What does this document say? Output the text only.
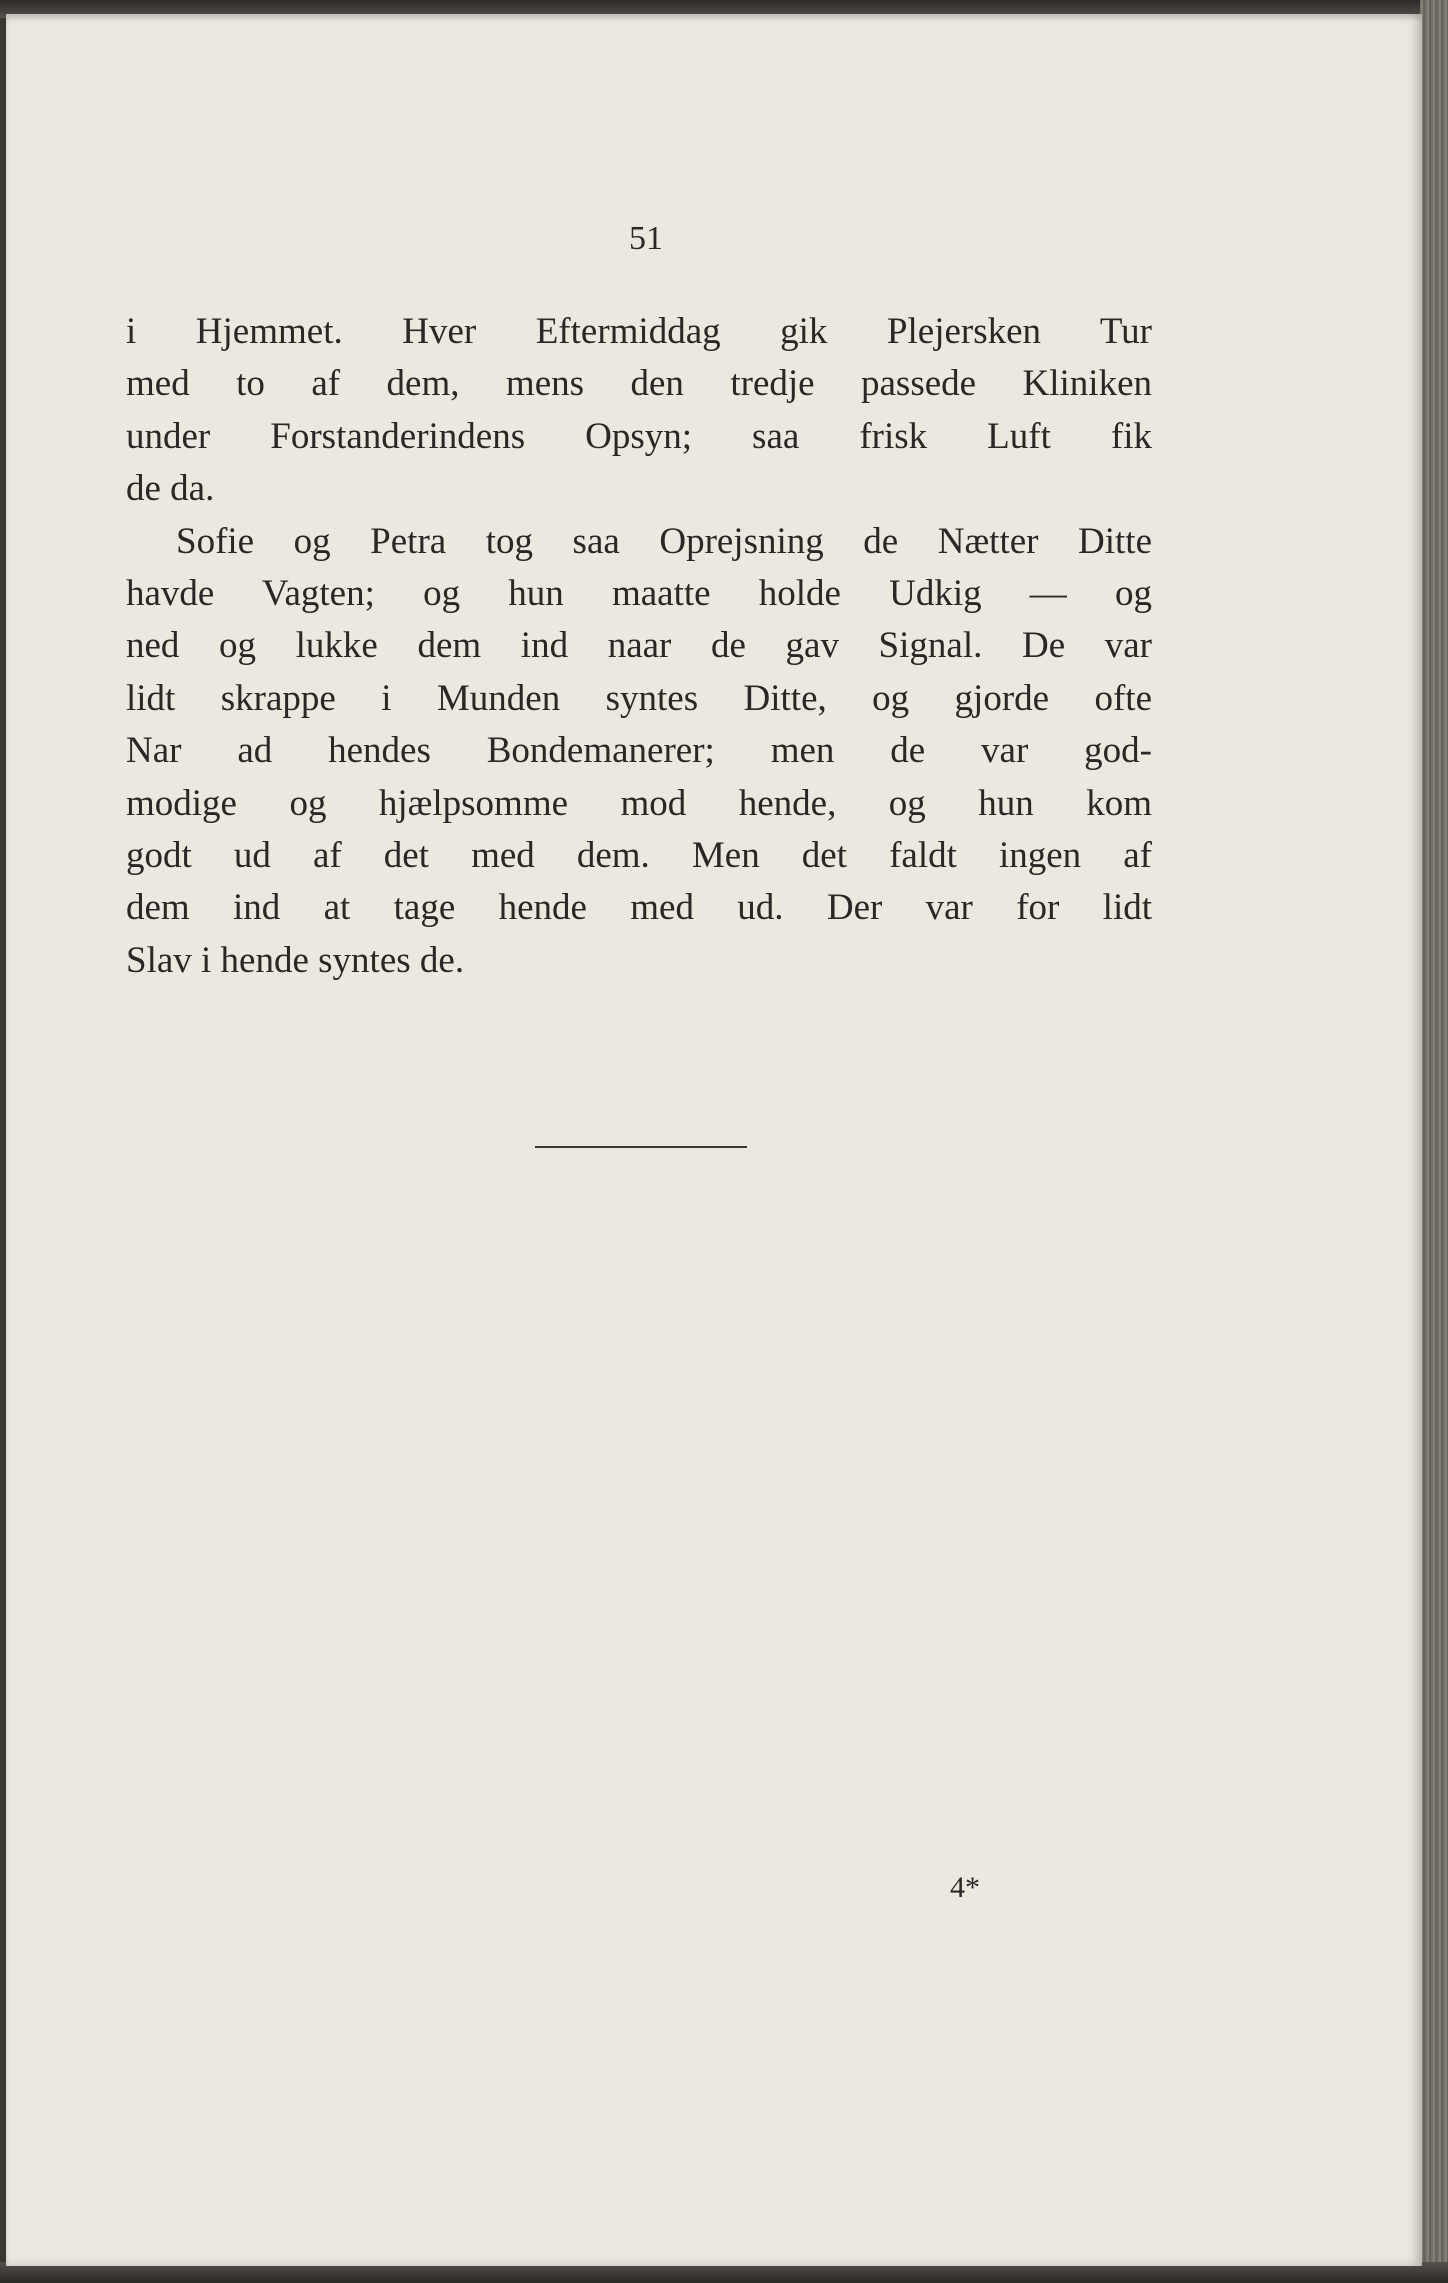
51

i Hjemmet. Hver Eftermiddag gik Plejersken Tur
med to af dem, mens den tredje passede Kliniken
under Forstanderindens Opsyn; saa frisk Luft fik
de da.
Sofie og Petra tog saa Oprejsning de Nætter Ditte
havde Vagten; og hun maatte holde Udkig — og
ned og lukke dem ind naar de gav Signal. De var
lidt skrappe i Munden syntes Ditte, og gjorde ofte
Nar ad hendes Bondemanerer; men de var god-
modige og hjælpsomme mod hende, og hun kom
godt ud af det med dem. Men det faldt ingen af
dem ind at tage hende med ud. Der var for lidt
Slav i hende syntes de.

4*
